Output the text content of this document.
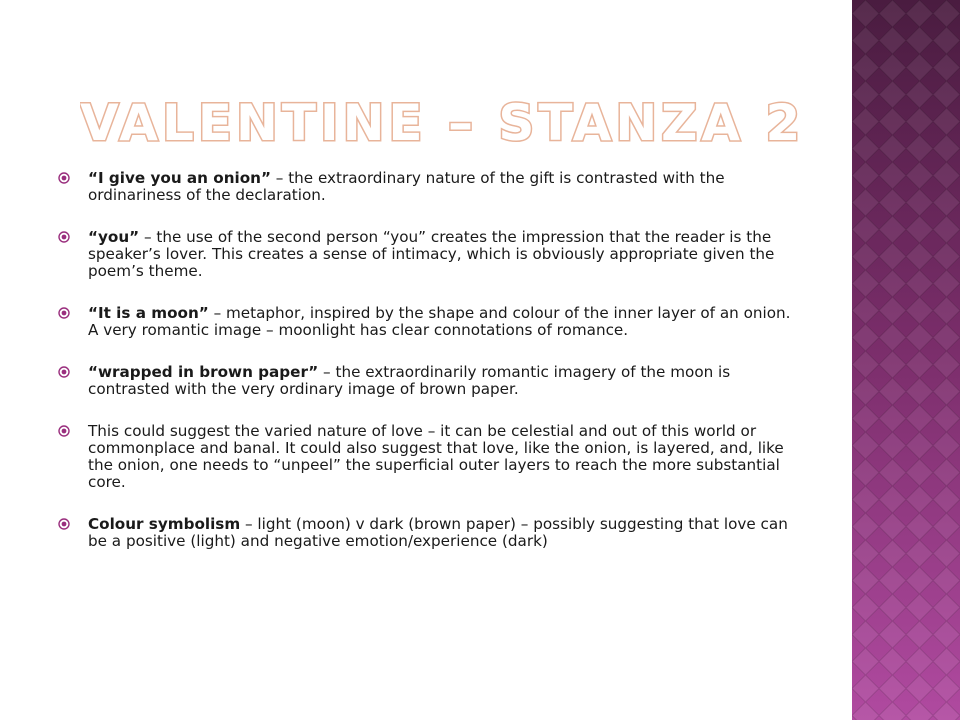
VALENTINE – STANZA 2
“I give you an onion” – the extraordinary nature of the gift is contrasted with the ordinariness of the declaration.
“you” – the use of the second person “you” creates the impression that the reader is the speaker’s lover. This creates a sense of intimacy, which is obviously appropriate given the poem’s theme.
“It is a moon” – metaphor, inspired by the shape and colour of the inner layer of an onion. A very romantic image – moonlight has clear connotations of romance.
“wrapped in brown paper” – the extraordinarily romantic imagery of the moon is contrasted with the very ordinary image of brown paper.
This could suggest the varied nature of love – it can be celestial and out of this world or commonplace and banal. It could also suggest that love, like the onion, is layered, and, like the onion, one needs to “unpeel” the superficial outer layers to reach the more substantial core.
Colour symbolism – light (moon) v dark (brown paper) – possibly suggesting that love can be a positive (light) and negative emotion/experience (dark)
